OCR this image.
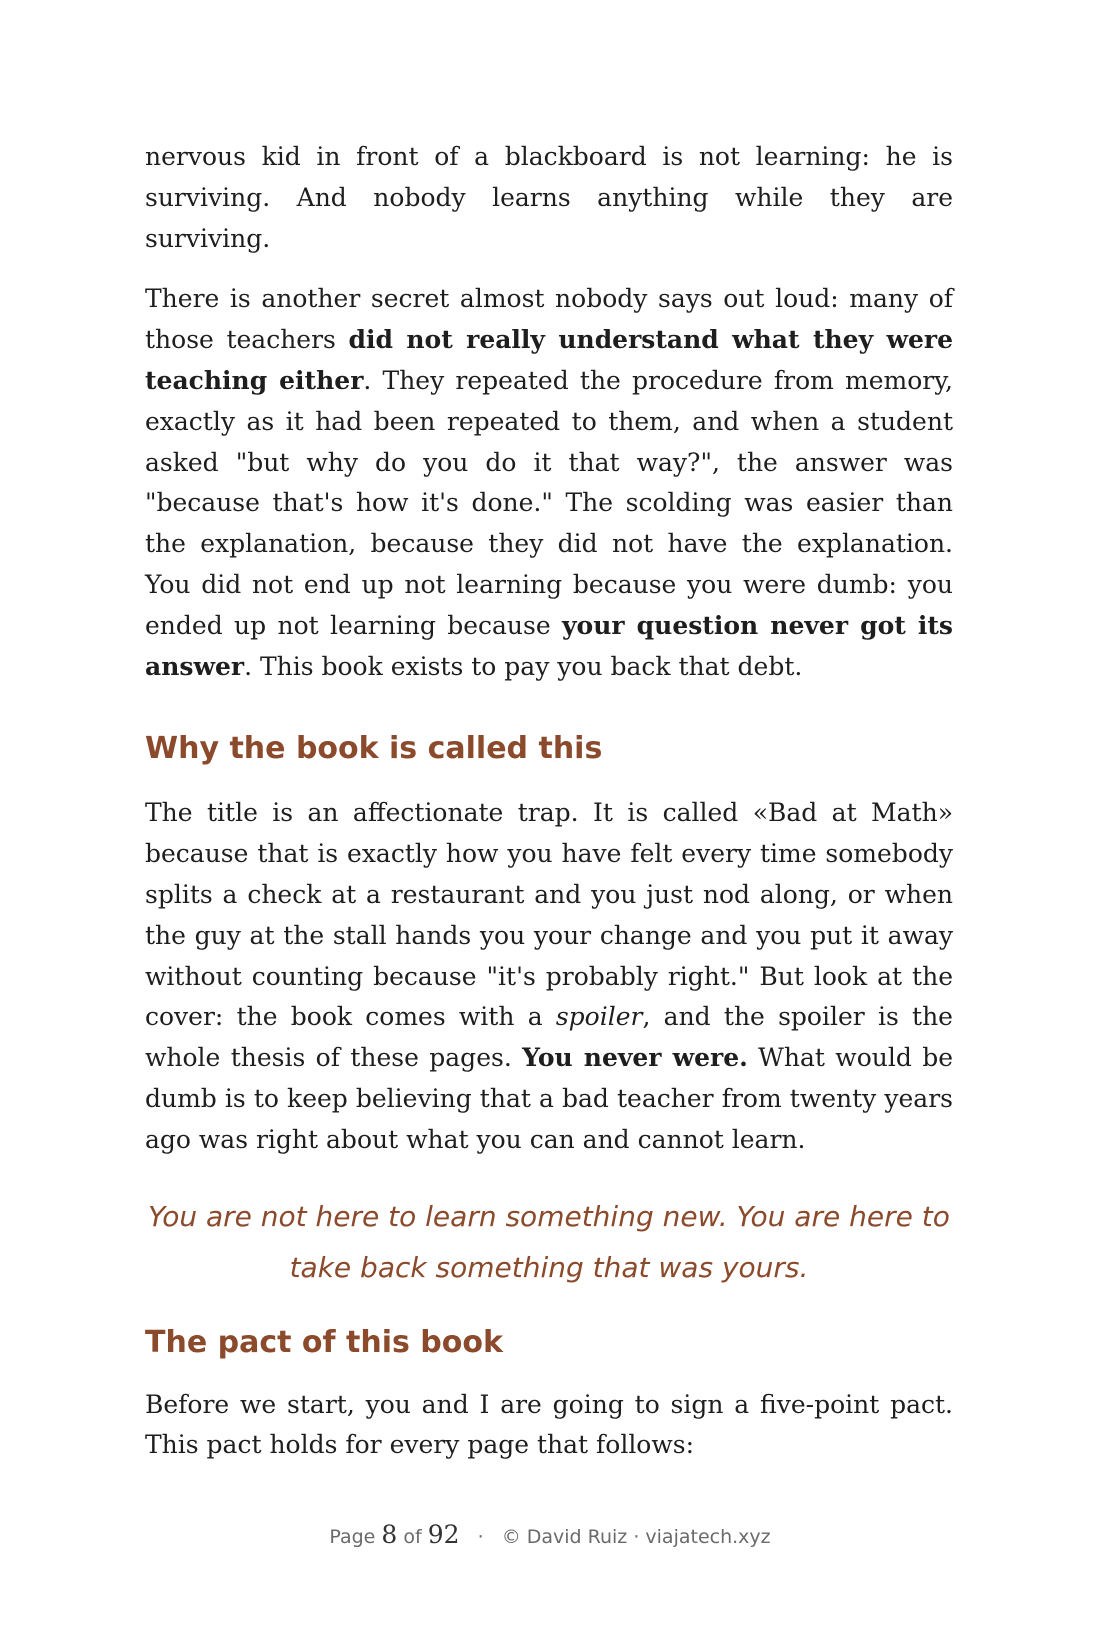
nervous kid in front of a blackboard is not learning: he is surviving. And nobody learns anything while they are surviving.

There is another secret almost nobody says out loud: many of those teachers did not really understand what they were teaching either. They repeated the procedure from memory, exactly as it had been repeated to them, and when a student asked "but why do you do it that way?", the answer was "because that's how it's done." The scolding was easier than the explanation, because they did not have the explanation. You did not end up not learning because you were dumb: you ended up not learning because your question never got its answer. This book exists to pay you back that debt.

Why the book is called this

The title is an affectionate trap. It is called «Bad at Math» because that is exactly how you have felt every time somebody splits a check at a restaurant and you just nod along, or when the guy at the stall hands you your change and you put it away without counting because "it's probably right." But look at the cover: the book comes with a spoiler, and the spoiler is the whole thesis of these pages. You never were. What would be dumb is to keep believing that a bad teacher from twenty years ago was right about what you can and cannot learn.

You are not here to learn something new. You are here to
take back something that was yours.

The pact of this book

Before we start, you and I are going to sign a five-point pact. This pact holds for every page that follows:

Page 8 of 92 · © David Ruiz · viajatech.xyz
